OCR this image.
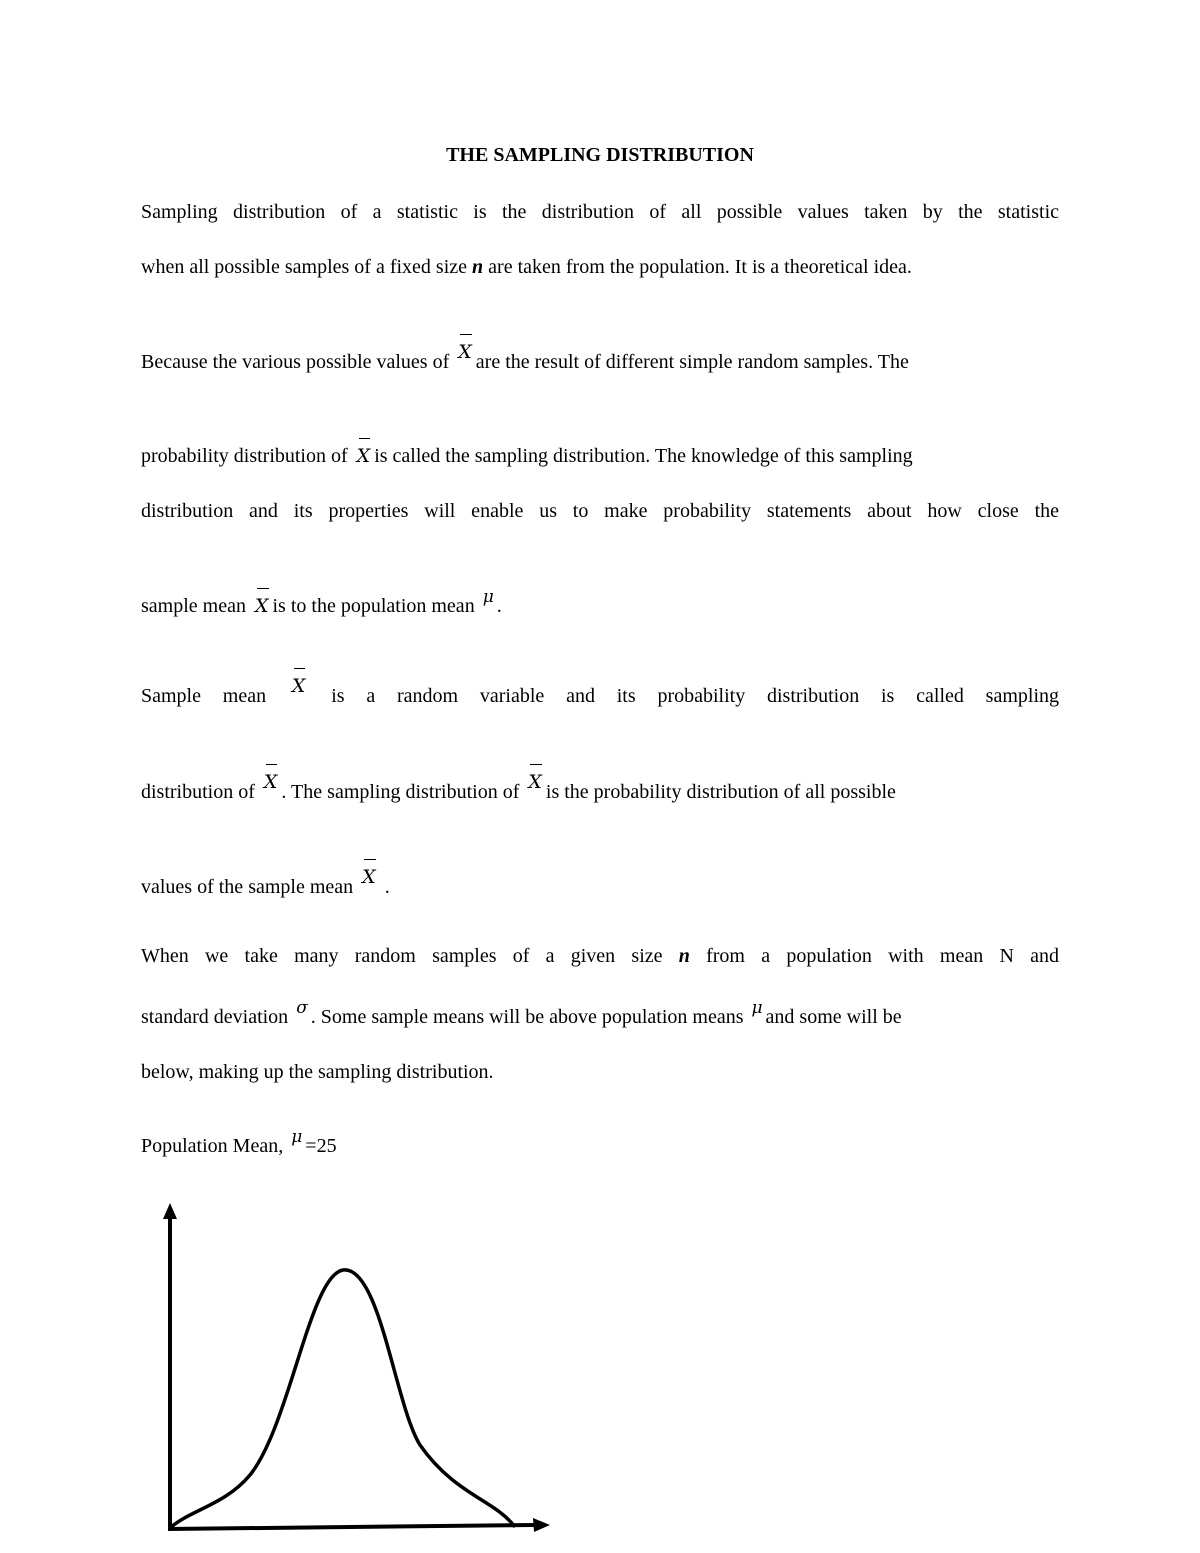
THE SAMPLING DISTRIBUTION
Sampling distribution of a statistic is the distribution of all possible values taken by the statistic
when all possible samples of a fixed size n are taken from the population. It is a theoretical idea.
Because the various possible values of X are the result of different simple random samples. The
probability distribution of X is called the sampling distribution. The knowledge of this sampling
distribution and its properties will enable us to make probability statements about how close the
sample mean X is to the population mean μ .
Sample mean X is a random variable and its probability distribution is called sampling
distribution of X . The sampling distribution of X is the probability distribution of all possible
values of the sample mean X .
When we take many random samples of a given size n from a population with mean N and
standard deviation σ . Some sample means will be above population means μ and some will be
below, making up the sampling distribution.
Population Mean, μ =25
